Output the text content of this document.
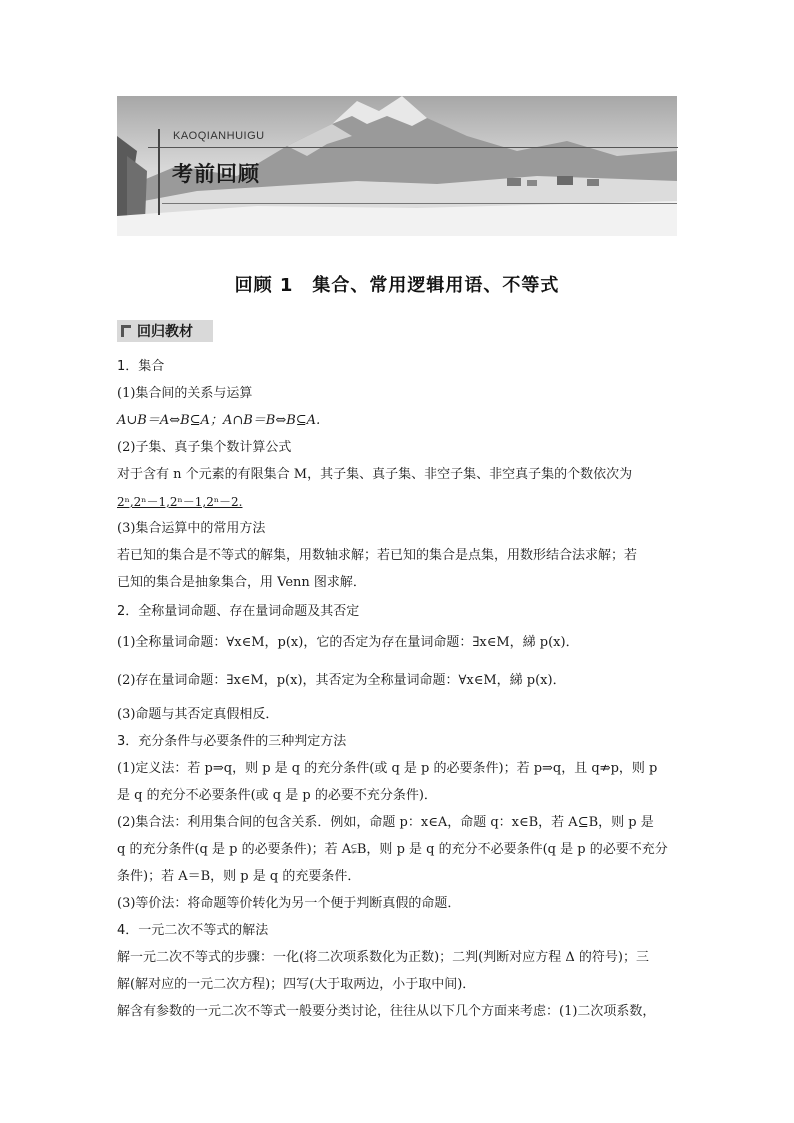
KAOQIANHUIGU
考前回顾
回顾 1　集合、常用逻辑用语、不等式
回归教材
1．集合
(1)集合间的关系与运算
A∪B＝A⇔B⊆A；A∩B＝B⇔B⊆A.
(2)子集、真子集个数计算公式
对于含有 n 个元素的有限集合 M，其子集、真子集、非空子集、非空真子集的个数依次为
2ⁿ,2ⁿ－1,2ⁿ－1,2ⁿ－2.
(3)集合运算中的常用方法
若已知的集合是不等式的解集，用数轴求解；若已知的集合是点集，用数形结合法求解；若
已知的集合是抽象集合，用 Venn 图求解．
2．全称量词命题、存在量词命题及其否定
(1)全称量词命题：∀x∈M，p(x)，它的否定为存在量词命题：∃x∈M，綈 p(x)．
(2)存在量词命题：∃x∈M，p(x)，其否定为全称量词命题：∀x∈M，綈 p(x)．
(3)命题与其否定真假相反．
3．充分条件与必要条件的三种判定方法
(1)定义法：若 p⇒q，则 p 是 q 的充分条件(或 q 是 p 的必要条件)；若 p⇒q，且 q⇏p，则 p
是 q 的充分不必要条件(或 q 是 p 的必要不充分条件)．
(2)集合法：利用集合间的包含关系．例如，命题 p：x∈A，命题 q：x∈B，若 A⊆B，则 p 是
q 的充分条件(q 是 p 的必要条件)；若 A⫋B，则 p 是 q 的充分不必要条件(q 是 p 的必要不充分
条件)；若 A＝B，则 p 是 q 的充要条件．
(3)等价法：将命题等价转化为另一个便于判断真假的命题．
4．一元二次不等式的解法
解一元二次不等式的步骤：一化(将二次项系数化为正数)；二判(判断对应方程 Δ 的符号)；三
解(解对应的一元二次方程)；四写(大于取两边，小于取中间)．
解含有参数的一元二次不等式一般要分类讨论，往往从以下几个方面来考虑：(1)二次项系数，
